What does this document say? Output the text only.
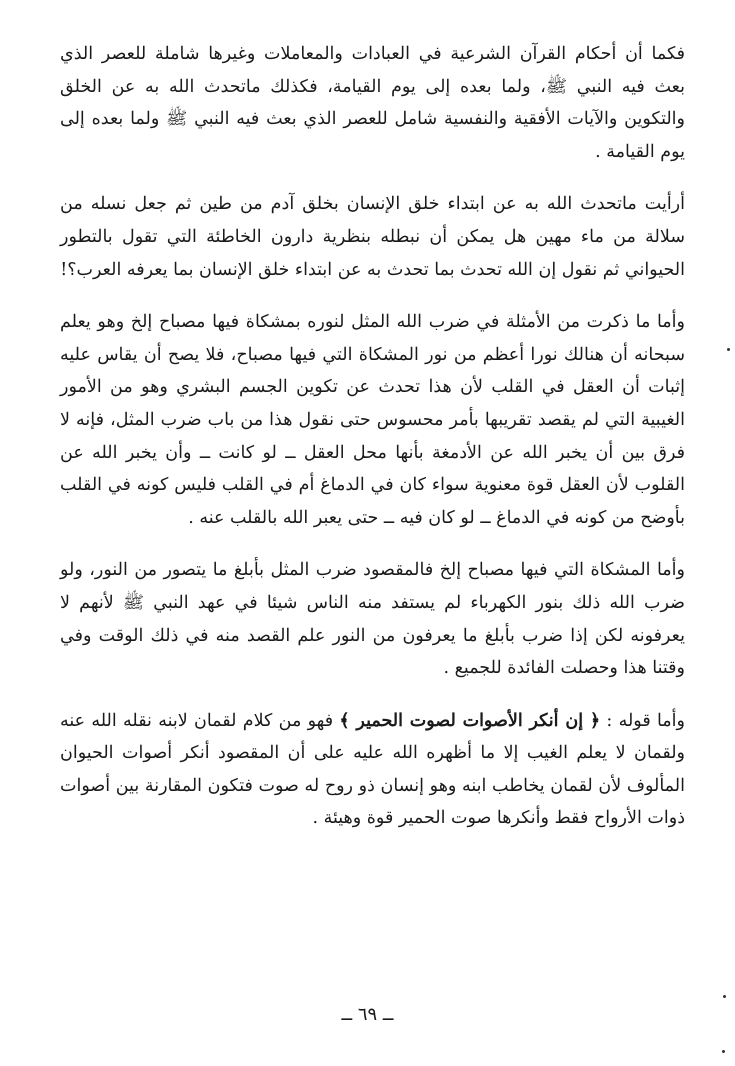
فكما أن أحكام القرآن الشرعية في العبادات والمعاملات وغيرها شاملة للعصر الذي بعث فيه النبي ﷺ، ولما بعده إلى يوم القيامة، فكذلك ماتحدث الله به عن الخلق والتكوين والآيات الأفقية والنفسية شامل للعصر الذي بعث فيه النبي ﷺ ولما بعده إلى يوم القيامة .

أرأيت ماتحدث الله به عن ابتداء خلق الإنسان بخلق آدم من طين ثم جعل نسله من سلالة من ماء مهين هل يمكن أن نبطله بنظرية دارون الخاطئة التي تقول بالتطور الحيواني ثم نقول إن الله تحدث بما تحدث به عن ابتداء خلق الإنسان بما يعرفه العرب؟!

وأما ما ذكرت من الأمثلة في ضرب الله المثل لنوره بمشكاة فيها مصباح إلخ وهو يعلم سبحانه أن هنالك نورا أعظم من نور المشكاة التي فيها مصباح، فلا يصح أن يقاس عليه إثبات أن العقل في القلب لأن هذا تحدث عن تكوين الجسم البشري وهو من الأمور الغيبية التي لم يقصد تقريبها بأمر محسوس حتى نقول هذا من باب ضرب المثل، فإنه لا فرق بين أن يخبر الله عن الأدمغة بأنها محل العقل ــ لو كانت ــ وأن يخبر الله عن القلوب لأن العقل قوة معنوية سواء كان في الدماغ أم في القلب فليس كونه في القلب بأوضح من كونه في الدماغ ــ لو كان فيه ــ حتى يعبر الله بالقلب عنه .

وأما المشكاة التي فيها مصباح إلخ فالمقصود ضرب المثل بأبلغ ما يتصور من النور، ولو ضرب الله ذلك بنور الكهرباء لم يستفد منه الناس شيئا في عهد النبي ﷺ لأنهم لا يعرفونه لكن إذا ضرب بأبلغ ما يعرفون من النور علم القصد منه في ذلك الوقت وفي وقتنا هذا وحصلت الفائدة للجميع .

وأما قوله : ﴿ إن أنكر الأصوات لصوت الحمير ﴾ فهو من كلام لقمان لابنه نقله الله عنه ولقمان لا يعلم الغيب إلا ما أظهره الله عليه على أن المقصود أنكر أصوات الحيوان المألوف لأن لقمان يخاطب ابنه وهو إنسان ذو روح له صوت فتكون المقارنة بين أصوات ذوات الأرواح فقط وأنكرها صوت الحمير قوة وهيئة .

ــ ٦٩ ــ
